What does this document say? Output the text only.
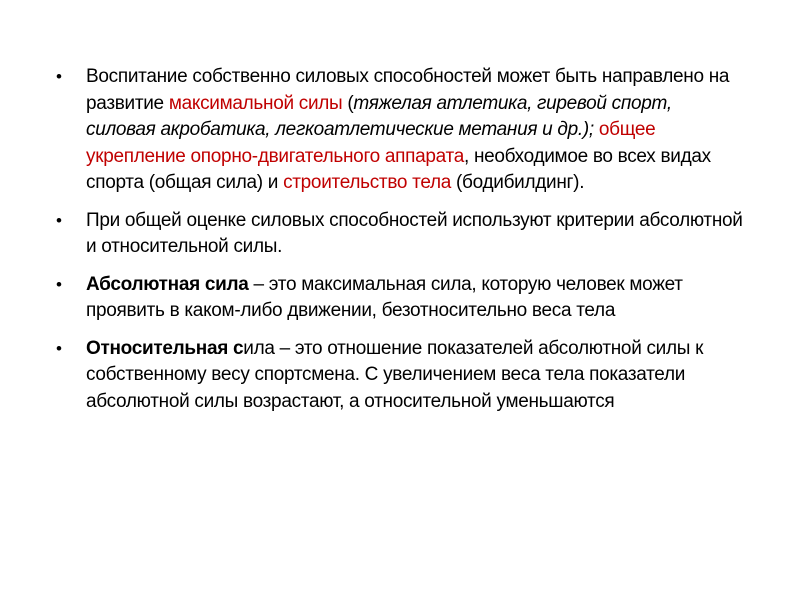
•	Воспитание собственно силовых способностей может быть направлено на развитие максимальной силы (тяжелая атлетика, гиревой спорт, силовая акробатика, легкоатлетические метания и др.); общее укрепление опорно-двигательного аппарата, необходимое во всех видах спорта (общая сила) и строительство тела (бодибилдинг).
•	При общей оценке силовых способностей используют критерии абсолютной и относительной силы.
•	Абсолютная сила – это максимальная сила, которую человек может проявить в каком-либо движении, безотносительно веса тела
•	Относительная сила – это отношение показателей абсолютной силы к собственному весу спортсмена. С увеличением веса тела показатели абсолютной силы возрастают, а относительной уменьшаются
